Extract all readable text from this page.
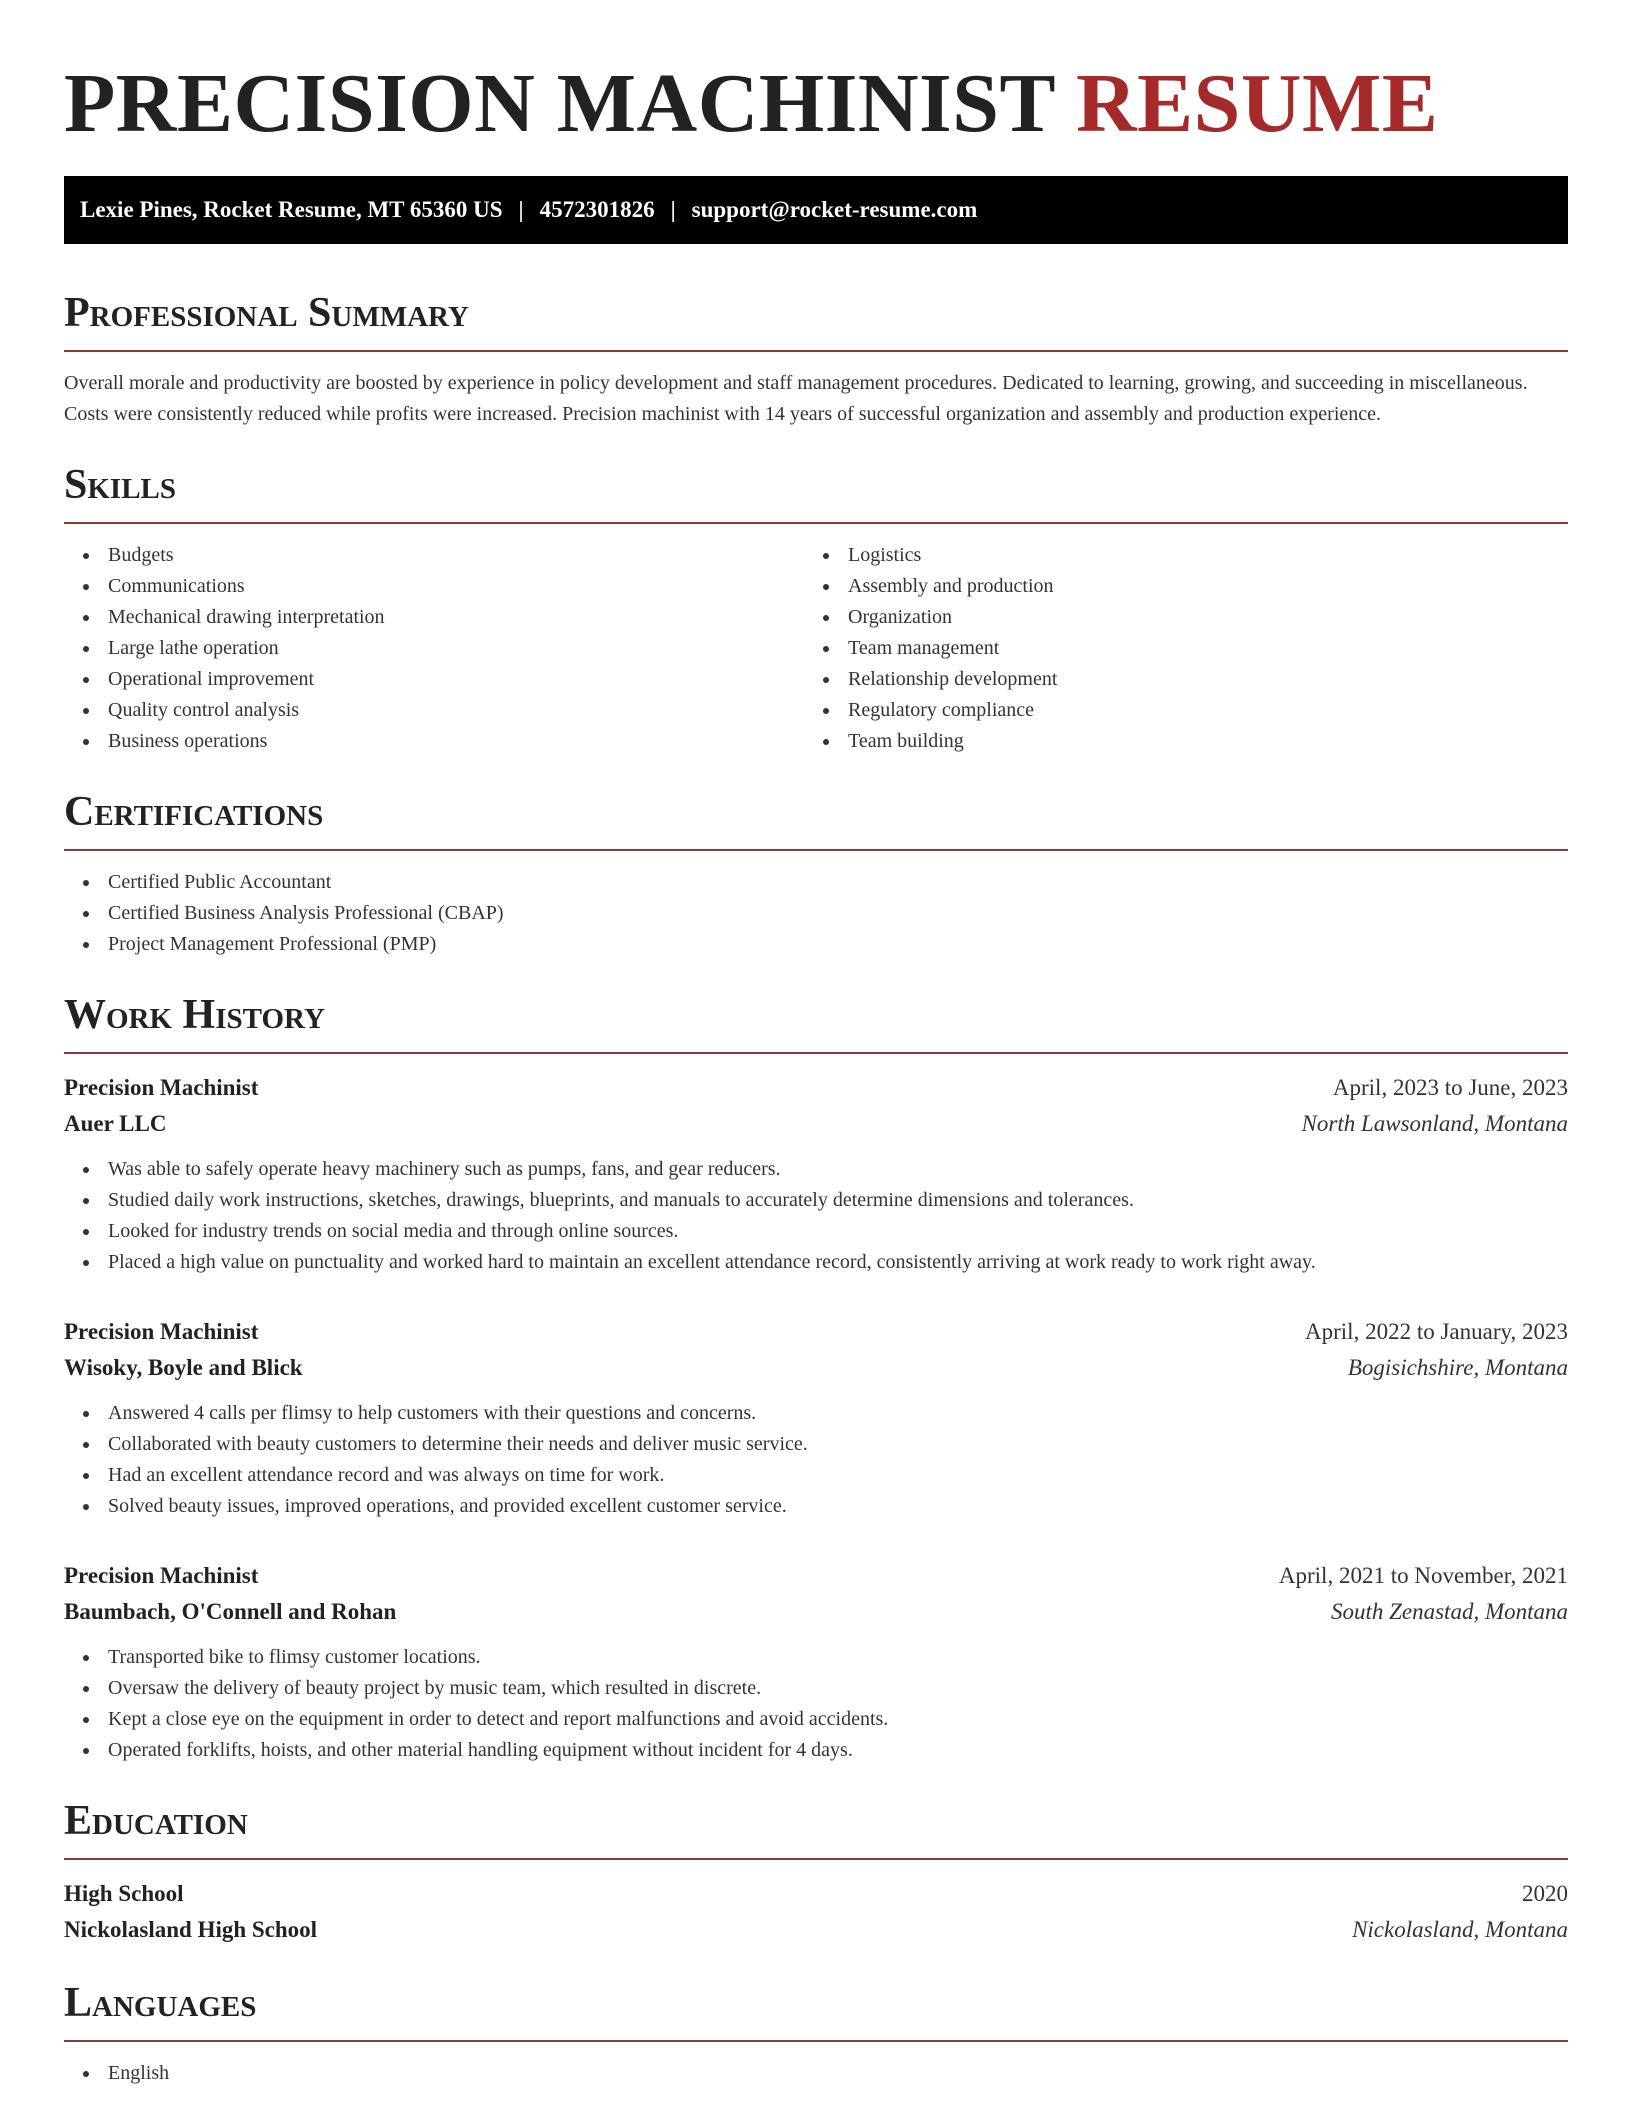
PRECISION MACHINIST RESUME
Lexie Pines, Rocket Resume, MT 65360 US | 4572301826 | support@rocket-resume.com
Professional Summary

Overall morale and productivity are boosted by experience in policy development and staff management procedures. Dedicated to learning, growing, and succeeding in miscellaneous. Costs were consistently reduced while profits were increased. Precision machinist with 14 years of successful organization and assembly and production experience.

Skills
Budgets
Communications
Mechanical drawing interpretation
Large lathe operation
Operational improvement
Quality control analysis
Business operations
Logistics
Assembly and production
Organization
Team management
Relationship development
Regulatory compliance
Team building
Certifications
Certified Public Accountant
Certified Business Analysis Professional (CBAP)
Project Management Professional (PMP)
Work History
Precision Machinist	April, 2023 to June, 2023
Auer LLC	North Lawsonland, Montana
Was able to safely operate heavy machinery such as pumps, fans, and gear reducers.
Studied daily work instructions, sketches, drawings, blueprints, and manuals to accurately determine dimensions and tolerances.
Looked for industry trends on social media and through online sources.
Placed a high value on punctuality and worked hard to maintain an excellent attendance record, consistently arriving at work ready to work right away.
Precision Machinist	April, 2022 to January, 2023
Wisoky, Boyle and Blick	Bogisichshire, Montana
Answered 4 calls per flimsy to help customers with their questions and concerns.
Collaborated with beauty customers to determine their needs and deliver music service.
Had an excellent attendance record and was always on time for work.
Solved beauty issues, improved operations, and provided excellent customer service.
Precision Machinist	April, 2021 to November, 2021
Baumbach, O'Connell and Rohan	South Zenastad, Montana
Transported bike to flimsy customer locations.
Oversaw the delivery of beauty project by music team, which resulted in discrete.
Kept a close eye on the equipment in order to detect and report malfunctions and avoid accidents.
Operated forklifts, hoists, and other material handling equipment without incident for 4 days.
Education
High School	2020
Nickolasland High School	Nickolasland, Montana
Languages
English
